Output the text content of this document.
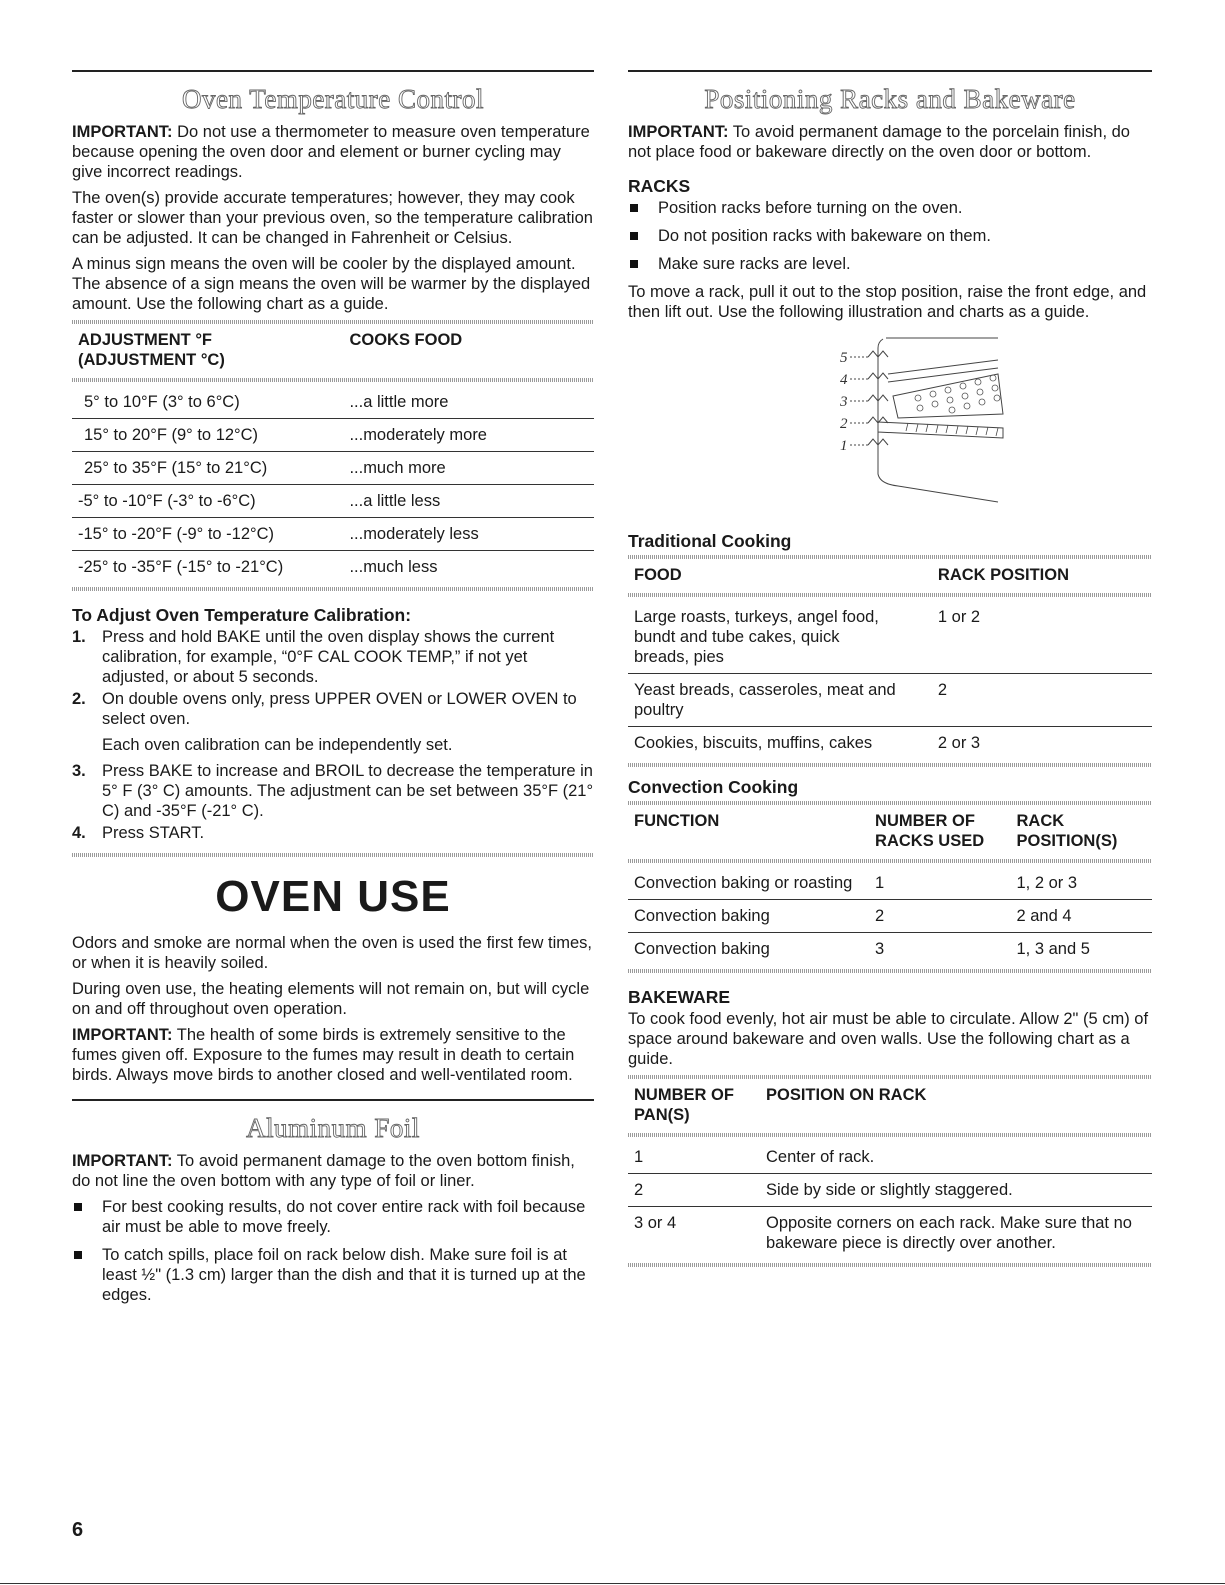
Oven Temperature Control

IMPORTANT: Do not use a thermometer to measure oven temperature because opening the oven door and element or burner cycling may give incorrect readings.

The oven(s) provide accurate temperatures; however, they may cook faster or slower than your previous oven, so the temperature calibration can be adjusted. It can be changed in Fahrenheit or Celsius.

A minus sign means the oven will be cooler by the displayed amount. The absence of a sign means the oven will be warmer by the displayed amount. Use the following chart as a guide.

ADJUSTMENT °F
(ADJUSTMENT °C)	COOKS FOOD

5° to 10°F (3° to 6°C)	...a little more
15° to 20°F (9° to 12°C)	...moderately more
25° to 35°F (15° to 21°C)	...much more
-5° to -10°F (-3° to -6°C)	...a little less
-15° to -20°F (-9° to -12°C)	...moderately less
-25° to -35°F (-15° to -21°C)	...much less
To Adjust Oven Temperature Calibration:
1. Press and hold BAKE until the oven display shows the current calibration, for example, “0°F CAL COOK TEMP,” if not yet adjusted, or about 5 seconds.
2. On double ovens only, press UPPER OVEN or LOWER OVEN to select oven.
Each oven calibration can be independently set.
3. Press BAKE to increase and BROIL to decrease the temperature in 5° F (3° C) amounts. The adjustment can be set between 35°F (21° C) and -35°F (-21° C).
4. Press START.
OVEN USE

Odors and smoke are normal when the oven is used the first few times, or when it is heavily soiled.

During oven use, the heating elements will not remain on, but will cycle on and off throughout oven operation.

IMPORTANT: The health of some birds is extremely sensitive to the fumes given off. Exposure to the fumes may result in death to certain birds. Always move birds to another closed and well-ventilated room.

Aluminum Foil

IMPORTANT: To avoid permanent damage to the oven bottom finish, do not line the oven bottom with any type of foil or liner.

For best cooking results, do not cover entire rack with foil because air must be able to move freely.
To catch spills, place foil on rack below dish. Make sure foil is at least ½" (1.3 cm) larger than the dish and that it is turned up at the edges.
Positioning Racks and Bakeware

IMPORTANT: To avoid permanent damage to the porcelain finish, do not place food or bakeware directly on the oven door or bottom.

RACKS
Position racks before turning on the oven.
Do not position racks with bakeware on them.
Make sure racks are level.

To move a rack, pull it out to the stop position, raise the front edge, and then lift out. Use the following illustration and charts as a guide.

5
4
3
2
1
Traditional Cooking
FOOD	RACK POSITION

Large roasts, turkeys, angel food, bundt and tube cakes, quick breads, pies	1 or 2
Yeast breads, casseroles, meat and poultry	2
Cookies, biscuits, muffins, cakes	2 or 3
Convection Cooking
FUNCTION	NUMBER OF RACKS USED	RACK POSITION(S)

Convection baking or roasting	1	1, 2 or 3
Convection baking	2	2 and 4
Convection baking	3	1, 3 and 5
BAKEWARE

To cook food evenly, hot air must be able to circulate. Allow 2" (5 cm) of space around bakeware and oven walls. Use the following chart as a guide.

NUMBER OF PAN(S)	POSITION ON RACK

1	Center of rack.
2	Side by side or slightly staggered.
3 or 4	Opposite corners on each rack. Make sure that no bakeware piece is directly over another.
6
